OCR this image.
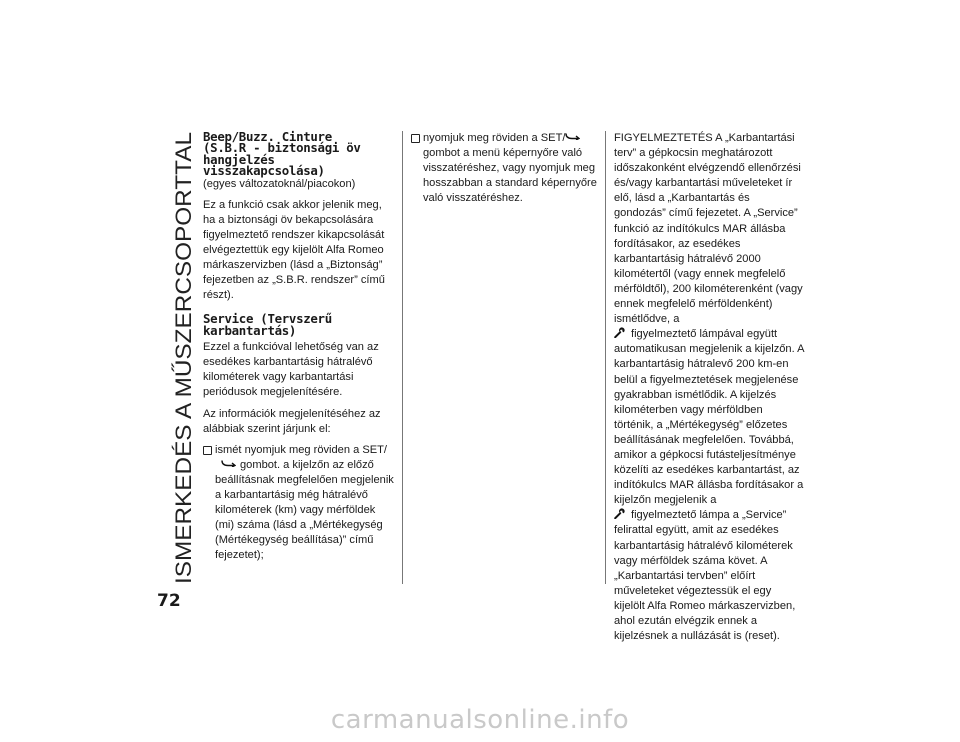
ISMERKEDÉS A MŰSZERCSOPORTTAL
72
Beep/Buzz. Cinture
(S.B.R - biztonsági öv
hangjelzés
visszakapcsolása)

(egyes változatoknál/piacokon)

Ez a funkció csak akkor jelenik meg, ha a biztonsági öv bekapcsolására figyelmeztető rendszer kikapcsolását elvégeztettük egy kijelölt Alfa Romeo márkaszervizben (lásd a „Biztonság” fejezetben az „S.B.R. rendszer” című részt).

Service (Tervszerű
karbantartás)

Ezzel a funkcióval lehetőség van az esedékes karbantartásig hátralévő kilométerek vagy karbantartási periódusok megjelenítésére.

Az információk megjelenítéséhez az alábbiak szerint járjunk el:

ismét nyomjuk meg röviden a SET/
gombot. a kijelzőn az előző beállításnak megfelelően megjelenik a karbantartásig még hátralévő kilométerek (km) vagy mérföldek (mi) száma (lásd a „Mértékegység (Mértékegység beállítása)” című fejezetet);
nyomjuk meg röviden a SET/ gombot a menü képernyőre való visszatéréshez, vagy nyomjuk meg hosszabban a standard képernyőre való visszatéréshez.

FIGYELMEZTETÉS A „Karbantartási terv” a gépkocsin meghatározott időszakonként elvégzendő ellenőrzési és/vagy karbantartási műveleteket ír elő, lásd a „Karbantartás és gondozás” című fejezetet. A „Service” funkció az indítókulcs MAR állásba fordításakor, az esedékes karbantartásig hátralévő 2000 kilométertől (vagy ennek megfelelő mérföldtől), 200 kilométerenként (vagy ennek megfelelő mérföldenként) ismétlődve, a
figyelmeztető lámpával együtt automatikusan megjelenik a kijelzőn. A karbantartásig hátralevő 200 km-en belül a figyelmeztetések megjelenése gyakrabban ismétlődik. A kijelzés kilométerben vagy mérföldben történik, a „Mértékegység” előzetes beállításának megfelelően. Továbbá, amikor a gépkocsi futásteljesítménye közelíti az esedékes karbantartást, az indítókulcs MAR állásba fordításakor a kijelzőn megjelenik a
figyelmeztető lámpa a „Service” felirattal együtt, amit az esedékes karbantartásig hátralévő kilométerek vagy mérföldek száma követ. A „Karbantartási tervben” előírt műveleteket végeztessük el egy kijelölt Alfa Romeo márkaszervizben, ahol ezután elvégzik ennek a kijelzésnek a nullázását is (reset).

carmanualsonline.info
